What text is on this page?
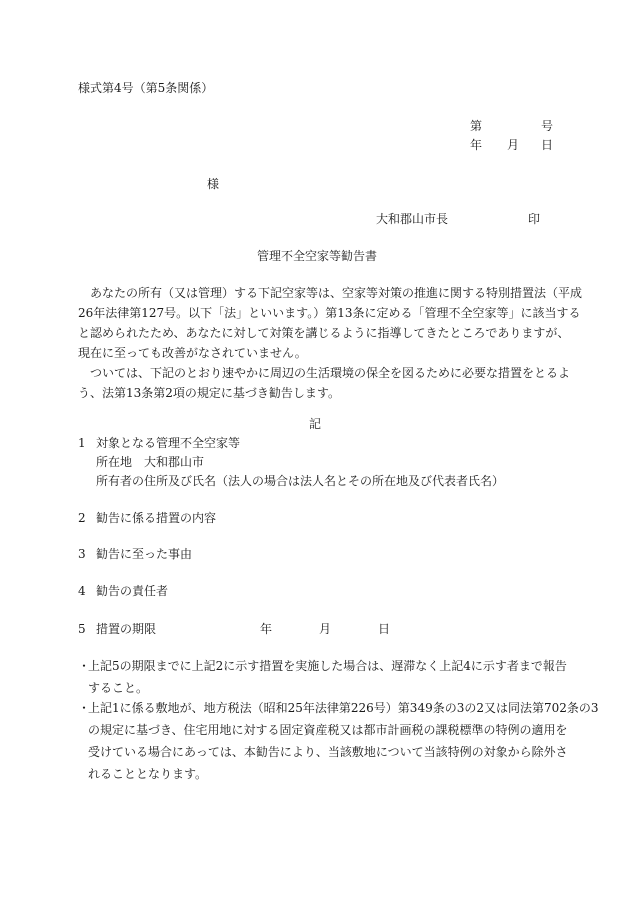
様式第4号（第5条関係）
第	号
年 月 日
様
大和郡山市長	印
管理不全空家等勧告書

あなたの所有（又は管理）する下記空家等は、空家等対策の推進に関する特別措置法（平成

26年法律第127号。以下「法」といいます。）第13条に定める「管理不全空家等」に該当する

と認められたため、あなたに対して対策を講じるように指導してきたところでありますが、

現在に至っても改善がなされていません。

ついては、下記のとおり速やかに周辺の生活環境の保全を図るために必要な措置をとるよ

う、法第13条第2項の規定に基づき勧告します。

記
1 対象となる管理不全空家等
所在地　大和郡山市
所有者の住所及び氏名（法人の場合は法人名とその所在地及び代表者氏名）
2 勧告に係る措置の内容
3 勧告に至った事由
4 勧告の責任者
5 措置の期限	年	月	日
・
上記5の期限までに上記2に示す措置を実施した場合は、遅滞なく上記4に示す者まで報告
すること。
・
上記1に係る敷地が、地方税法（昭和25年法律第226号）第349条の3の2又は同法第702条の3
の規定に基づき、住宅用地に対する固定資産税又は都市計画税の課税標準の特例の適用を
受けている場合にあっては、本勧告により、当該敷地について当該特例の対象から除外さ
れることとなります。
